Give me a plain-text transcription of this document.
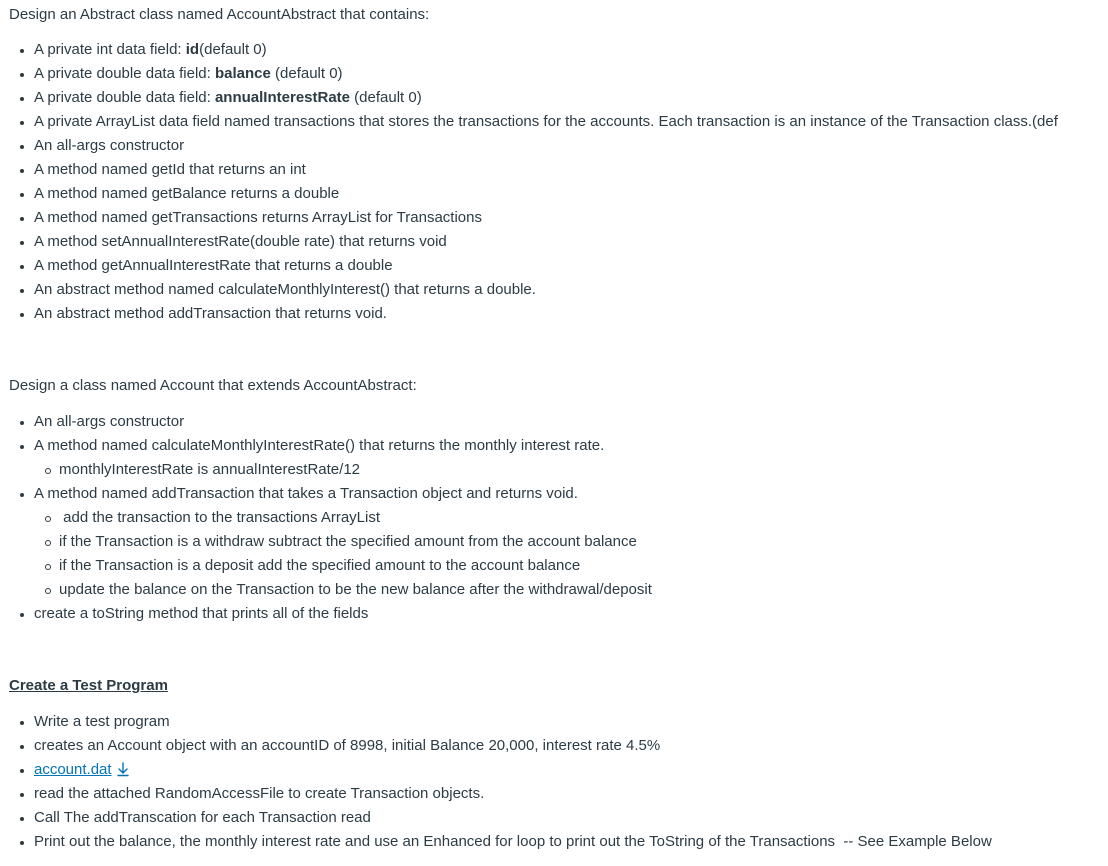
Design an Abstract class named AccountAbstract that contains:

A private int data field: id(default 0)
A private double data field: balance (default 0)
A private double data field: annualInterestRate (default 0)
A private ArrayList data field named transactions that stores the transactions for the accounts. Each transaction is an instance of the Transaction class.(def
An all-args constructor
A method named getId that returns an int
A method named getBalance returns a double
A method named getTransactions returns ArrayList for Transactions
A method setAnnualInterestRate(double rate) that returns void
A method getAnnualInterestRate that returns a double
An abstract method named calculateMonthlyInterest() that returns a double.
An abstract method addTransaction that returns void.

Design a class named Account that extends AccountAbstract:

An all-args constructor
A method named calculateMonthlyInterestRate() that returns the monthly interest rate.
monthlyInterestRate is annualInterestRate/12
A method named addTransaction that takes a Transaction object and returns void.
add the transaction to the transactions ArrayList
if the Transaction is a withdraw subtract the specified amount from the account balance
if the Transaction is a deposit add the specified amount to the account balance
update the balance on the Transaction to be the new balance after the withdrawal/deposit
create a toString method that prints all of the fields

Create a Test Program

Write a test program
creates an Account object with an accountID of 8998, initial Balance 20,000, interest rate 4.5%
account.dat
read the attached RandomAccessFile to create Transaction objects.
Call The addTranscation for each Transaction read
Print out the balance, the monthly interest rate and use an Enhanced for loop to print out the ToString of the Transactions  -- See Example Below
